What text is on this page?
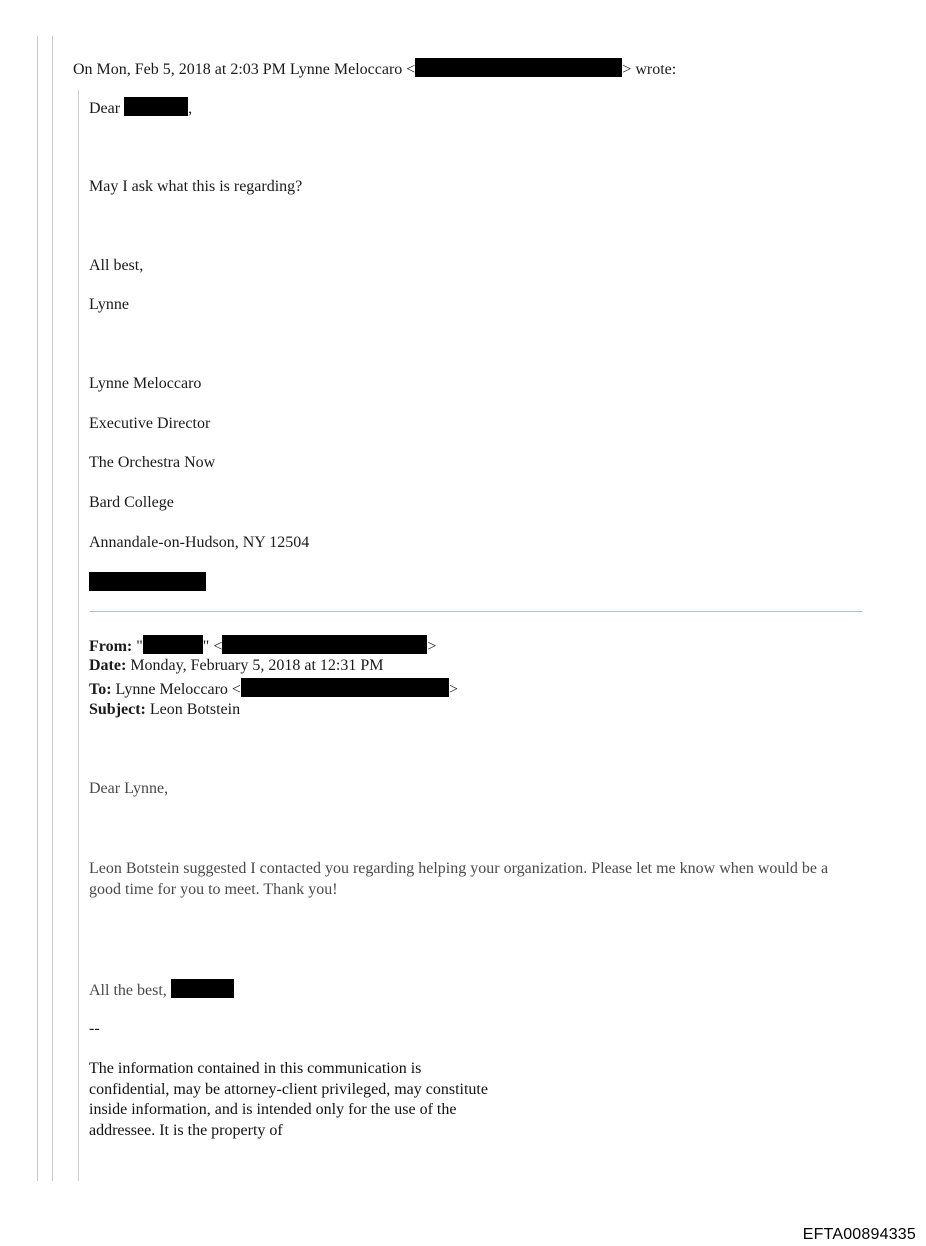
On Mon, Feb 5, 2018 at 2:03 PM Lynne Meloccaro <	> wrote:
Dear	,
May I ask what this is regarding?
All best,
Lynne
Lynne Meloccaro
Executive Director
The Orchestra Now
Bard College
Annandale-on-Hudson, NY 12504
From: "	" <	>
Date: Monday, February 5, 2018 at 12:31 PM
To: Lynne Meloccaro <	>
Subject: Leon Botstein
Dear Lynne,
Leon Botstein suggested I contacted you regarding helping your organization. Please let me know when would be a good time for you to meet. Thank you!
All the best,
--
The information contained in this communication is confidential, may be attorney-client privileged, may constitute inside information, and is intended only for the use of the addressee. It is the property of
EFTA00894335
